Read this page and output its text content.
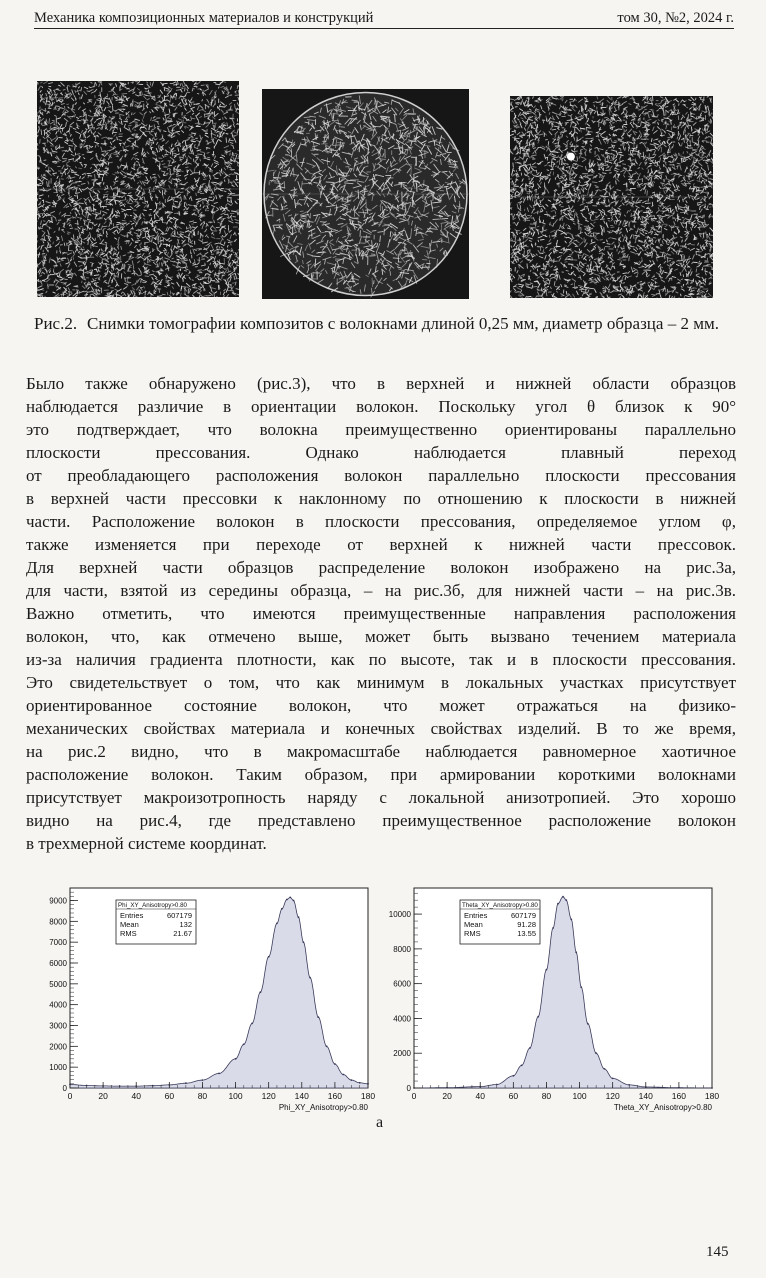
Механика композиционных материалов и конструкций	том 30, №2, 2024 г.
Рис.2. Снимки томографии композитов с волокнами длиной 0,25 мм, диаметр образца – 2 мм.

Было также обнаружено (рис.3), что в верхней и нижней области образцов
наблюдается различие в ориентации волокон. Поскольку угол θ близок к 90°
это подтверждает, что волокна преимущественно ориентированы параллельно
плоскости прессования. Однако наблюдается плавный переход
от преобладающего расположения волокон параллельно плоскости прессования
в верхней части прессовки к наклонному по отношению к плоскости в нижней
части. Расположение волокон в плоскости прессования, определяемое углом φ,
также изменяется при переходе от верхней к нижней части прессовок.
Для верхней части образцов распределение волокон изображено на рис.3а,
для части, взятой из середины образца, – на рис.3б, для нижней части – на рис.3в.
Важно отметить, что имеются преимущественные направления расположения
волокон, что, как отмечено выше, может быть вызвано течением материала
из-за наличия градиента плотности, как по высоте, так и в плоскости прессования.
Это свидетельствует о том, что как минимум в локальных участках присутствует
ориентированное состояние волокон, что может отражаться на физико-
механических свойствах материала и конечных свойствах изделий. В то же время,
на рис.2 видно, что в макромасштабе наблюдается равномерное хаотичное
расположение волокон. Таким образом, при армировании короткими волокнами
присутствует макроизотропность наряду с локальной анизотропией. Это хорошо
видно на рис.4, где представлено преимущественное расположение волокон
в трехмерной системе координат.

0	20	40	60	80	100 120 140 160 180
0
1000
2000
3000
4000
5000
6000
7000
8000
9000
Phi_XY_Anisotropy>0.80
Phi_XY_Anisotropy>0.80
Entries	607179
Mean	132
RMS	21.67
0	20	40	60	80	100 120 140 160 180
0
2000
4000
6000
8000
10000
Theta_XY_Anisotropy>0.80
Theta_XY_Anisotropy>0.80
Entries	607179
Mean	91.28
RMS	13.55
а
145
